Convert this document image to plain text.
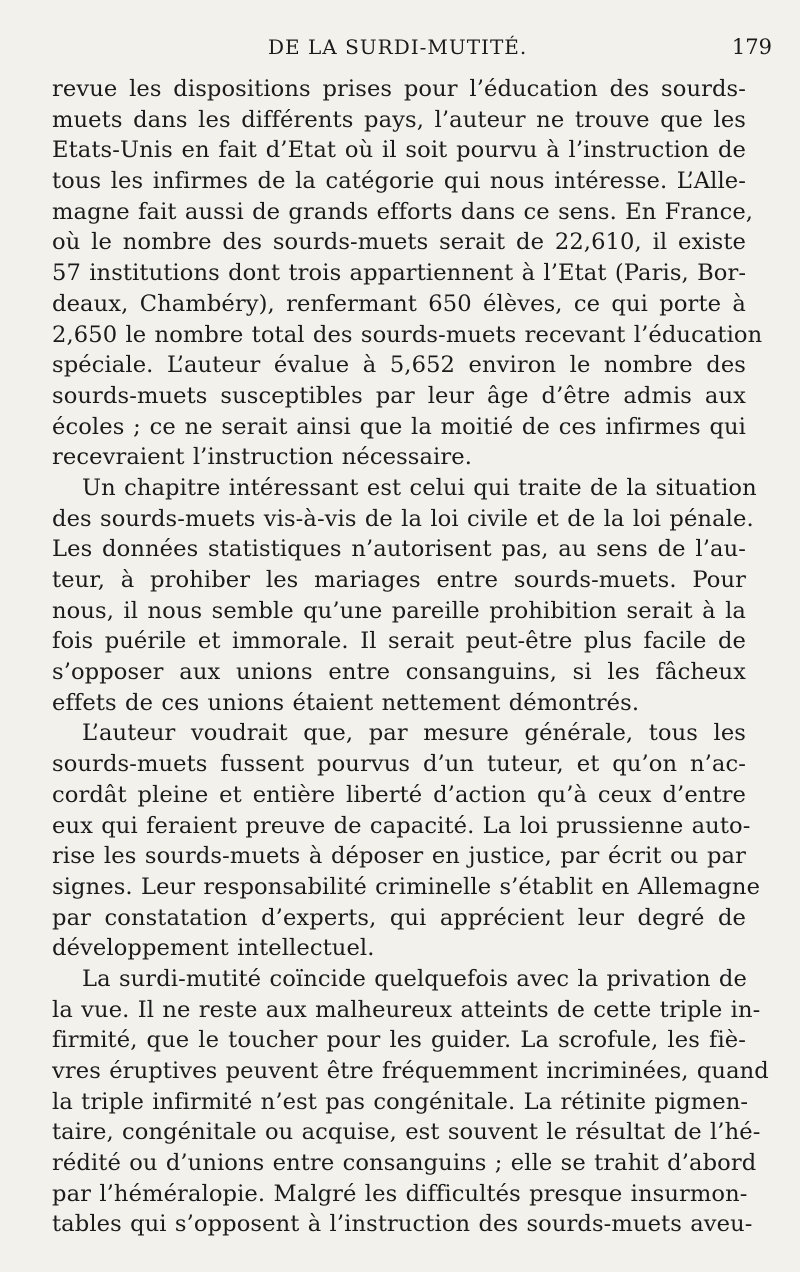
DE LA SURDI-MUTITÉ.	179
revue les dispositions prises pour l’éducation des sourds-
muets dans les différents pays, l’auteur ne trouve que les
Etats-Unis en fait d’Etat où il soit pourvu à l’instruction de
tous les infirmes de la catégorie qui nous intéresse. L’Alle-
magne fait aussi de grands efforts dans ce sens. En France,
où le nombre des sourds-muets serait de 22,610, il existe
57 institutions dont trois appartiennent à l’Etat (Paris, Bor-
deaux, Chambéry), renfermant 650 élèves, ce qui porte à
2,650 le nombre total des sourds-muets recevant l’éducation
spéciale. L’auteur évalue à 5,652 environ le nombre des
sourds-muets susceptibles par leur âge d’être admis aux
écoles ; ce ne serait ainsi que la moitié de ces infirmes qui
recevraient l’instruction nécessaire.
Un chapitre intéressant est celui qui traite de la situation
des sourds-muets vis-à-vis de la loi civile et de la loi pénale.
Les données statistiques n’autorisent pas, au sens de l’au-
teur, à prohiber les mariages entre sourds-muets. Pour
nous, il nous semble qu’une pareille prohibition serait à la
fois puérile et immorale. Il serait peut-être plus facile de
s’opposer aux unions entre consanguins, si les fâcheux
effets de ces unions étaient nettement démontrés.
L’auteur voudrait que, par mesure générale, tous les
sourds-muets fussent pourvus d’un tuteur, et qu’on n’ac-
cordât pleine et entière liberté d’action qu’à ceux d’entre
eux qui feraient preuve de capacité. La loi prussienne auto-
rise les sourds-muets à déposer en justice, par écrit ou par
signes. Leur responsabilité criminelle s’établit en Allemagne
par constatation d’experts, qui apprécient leur degré de
développement intellectuel.
La surdi-mutité coïncide quelquefois avec la privation de
la vue. Il ne reste aux malheureux atteints de cette triple in-
firmité, que le toucher pour les guider. La scrofule, les fiè-
vres éruptives peuvent être fréquemment incriminées, quand
la triple infirmité n’est pas congénitale. La rétinite pigmen-
taire, congénitale ou acquise, est souvent le résultat de l’hé-
rédité ou d’unions entre consanguins ; elle se trahit d’abord
par l’héméralopie. Malgré les difficultés presque insurmon-
tables qui s’opposent à l’instruction des sourds-muets aveu-
